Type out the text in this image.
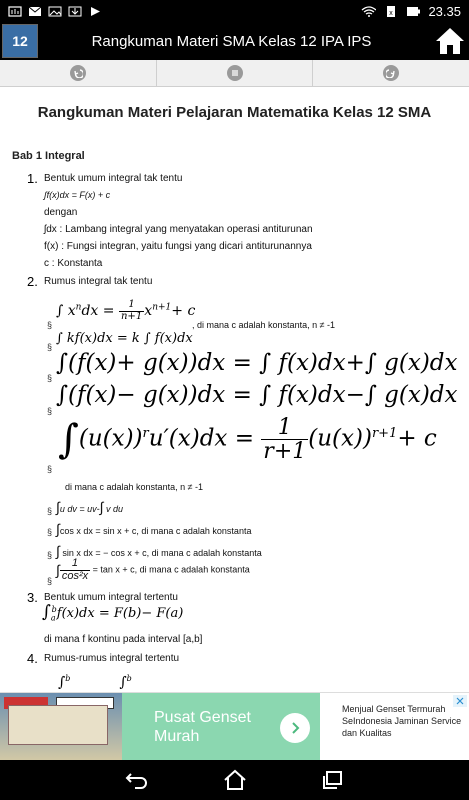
x	23.35
12	Rangkuman Materi SMA Kelas 12 IPA IPS
Rangkuman Materi Pelajaran Matematika Kelas 12 SMA
Bab 1 Integral
1. Bentuk umum integral tak tentu
ʃf(x)dx = F(x) + c
dengan
ʃdx : Lambang integral yang menyatakan operasi antiturunan
f(x) : Fungsi integran, yaitu fungsi yang dicari antiturunannya
c : Konstanta
2. Rumus integral tak tentu
§
∫ $x^ndx = \frac{1}{n+1} x^{n+1}+ c$
, di mana c adalah konstanta, n ≠ -1
§
∫ kf(x)dx = k ∫ f(x)dx
§
∫(f(x)+ g(x))dx = ∫ f(x)dx+∫ g(x)dx
§
∫(f(x)− g(x))dx = ∫ f(x)dx−∫ g(x)dx
§
$\int(u(x))^ru'(x)dx = \frac{1}{r+1} (u(x))^{r+1}+ c$
di mana c adalah konstanta, n ≠ -1
§ ∫u dv = uv-∫ v du
§ ∫cos x dx = sin x + c, di mana c adalah konstanta
§ ∫ sin x dx = − cos x + c, di mana c adalah konstanta
§
∫ $\frac{1}{\text{cos²x}} = \tan x + c$, di mana c adalah konstanta
3. Bentuk umum integral tertentu
$\int_a^bf(x)dx = F(b)- F(a)$
di mana f kontinu pada interval [a,b]
4. Rumus-rumus integral tertentu
∫$^b$           ∫$^b$
Pusat Genset
Murah
Menjual Genset Termurah SeIndonesia Jaminan Service dan Kualitas
